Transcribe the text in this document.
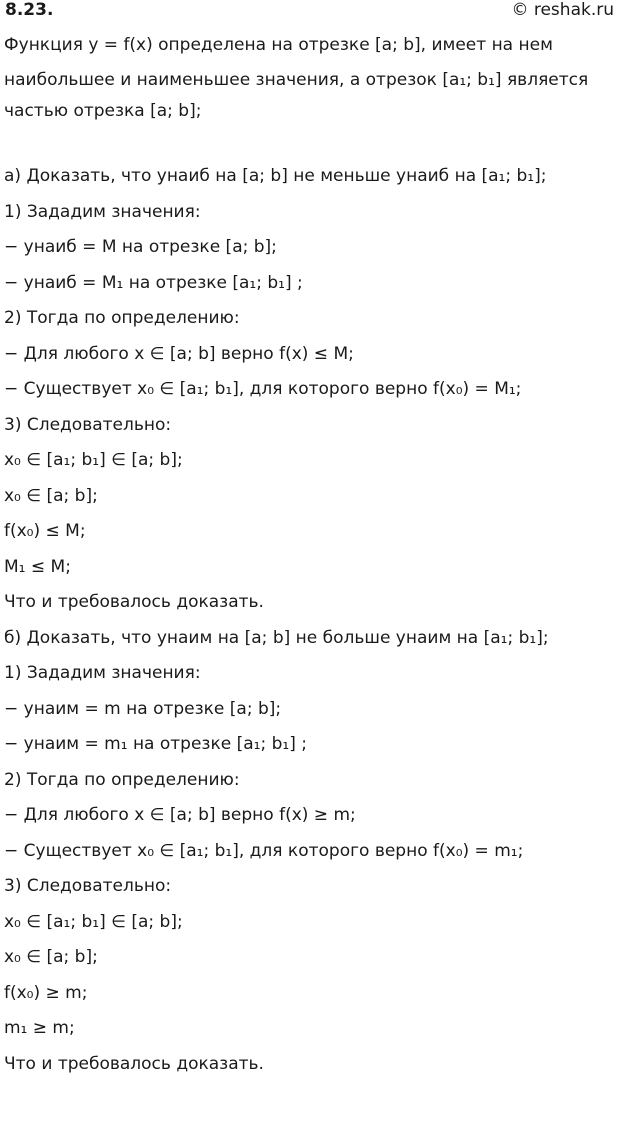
8.23.	© reshak.ru
Функция y = f(x) определена на отрезке [a; b], имеет на нем
наибольшее и наименьшее значения, а отрезок [a₁; b₁] является
частью отрезка [a; b];
а) Доказать, что yнаиб на [a; b] не меньше yнаиб на [a₁; b₁];
1) Зададим значения:
− yнаиб = M на отрезке [a; b];
− yнаиб = M₁ на отрезке [a₁; b₁] ;
2) Тогда по определению:
− Для любого x ∈ [a; b] верно f(x) ≤ M;
− Существует x₀ ∈ [a₁; b₁], для которого верно f(x₀) = M₁;
3) Следовательно:
x₀ ∈ [a₁; b₁] ∈ [a; b];
x₀ ∈ [a; b];
f(x₀) ≤ M;
M₁ ≤ M;
Что и требовалось доказать.
б) Доказать, что yнаим на [a; b] не больше yнаим на [a₁; b₁];
1) Зададим значения:
− yнаим = m на отрезке [a; b];
− yнаим = m₁ на отрезке [a₁; b₁] ;
2) Тогда по определению:
− Для любого x ∈ [a; b] верно f(x) ≥ m;
− Существует x₀ ∈ [a₁; b₁], для которого верно f(x₀) = m₁;
3) Следовательно:
x₀ ∈ [a₁; b₁] ∈ [a; b];
x₀ ∈ [a; b];
f(x₀) ≥ m;
m₁ ≥ m;
Что и требовалось доказать.
